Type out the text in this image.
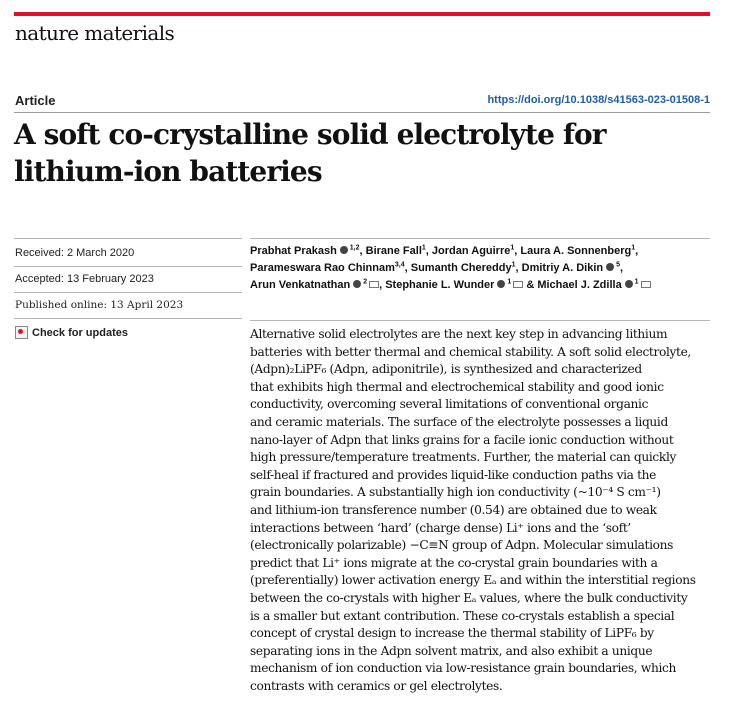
nature materials
Article	https://doi.org/10.1038/s41563-023-01508-1
A soft co-crystalline solid electrolyte for
lithium-ion batteries
Received: 2 March 2020
Accepted: 13 February 2023
Published online: 13 April 2023
Check for updates
Prabhat Prakash $^{1,2}$, Birane Fall$^1$, Jordan Aguirre$^1$, Laura A. Sonnenberg$^1$,
Parameswara Rao Chinnam$^{3,4}$, Sumanth Chereddy$^1$, Dmitriy A. Dikin $^5$,
Arun Venkatnathan $^2$ , Stephanie L. Wunder $^1$ & Michael J. Zdilla $^1$
Alternative solid electrolytes are the next key step in advancing lithium
batteries with better thermal and chemical stability. A soft solid electrolyte,
(Adpn)₂LiPF₆ (Adpn, adiponitrile), is synthesized and characterized
that exhibits high thermal and electrochemical stability and good ionic
conductivity, overcoming several limitations of conventional organic
and ceramic materials. The surface of the electrolyte possesses a liquid
nano-layer of Adpn that links grains for a facile ionic conduction without
high pressure/temperature treatments. Further, the material can quickly
self-heal if fractured and provides liquid-like conduction paths via the
grain boundaries. A substantially high ion conductivity (~10⁻⁴ S cm⁻¹)
and lithium-ion transference number (0.54) are obtained due to weak
interactions between ‘hard’ (charge dense) Li⁺ ions and the ‘soft’
(electronically polarizable) −C≡N group of Adpn. Molecular simulations
predict that Li⁺ ions migrate at the co-crystal grain boundaries with a
(preferentially) lower activation energy Eₐ and within the interstitial regions
between the co-crystals with higher Eₐ values, where the bulk conductivity
is a smaller but extant contribution. These co-crystals establish a special
concept of crystal design to increase the thermal stability of LiPF₆ by
separating ions in the Adpn solvent matrix, and also exhibit a unique
mechanism of ion conduction via low-resistance grain boundaries, which
contrasts with ceramics or gel electrolytes.
